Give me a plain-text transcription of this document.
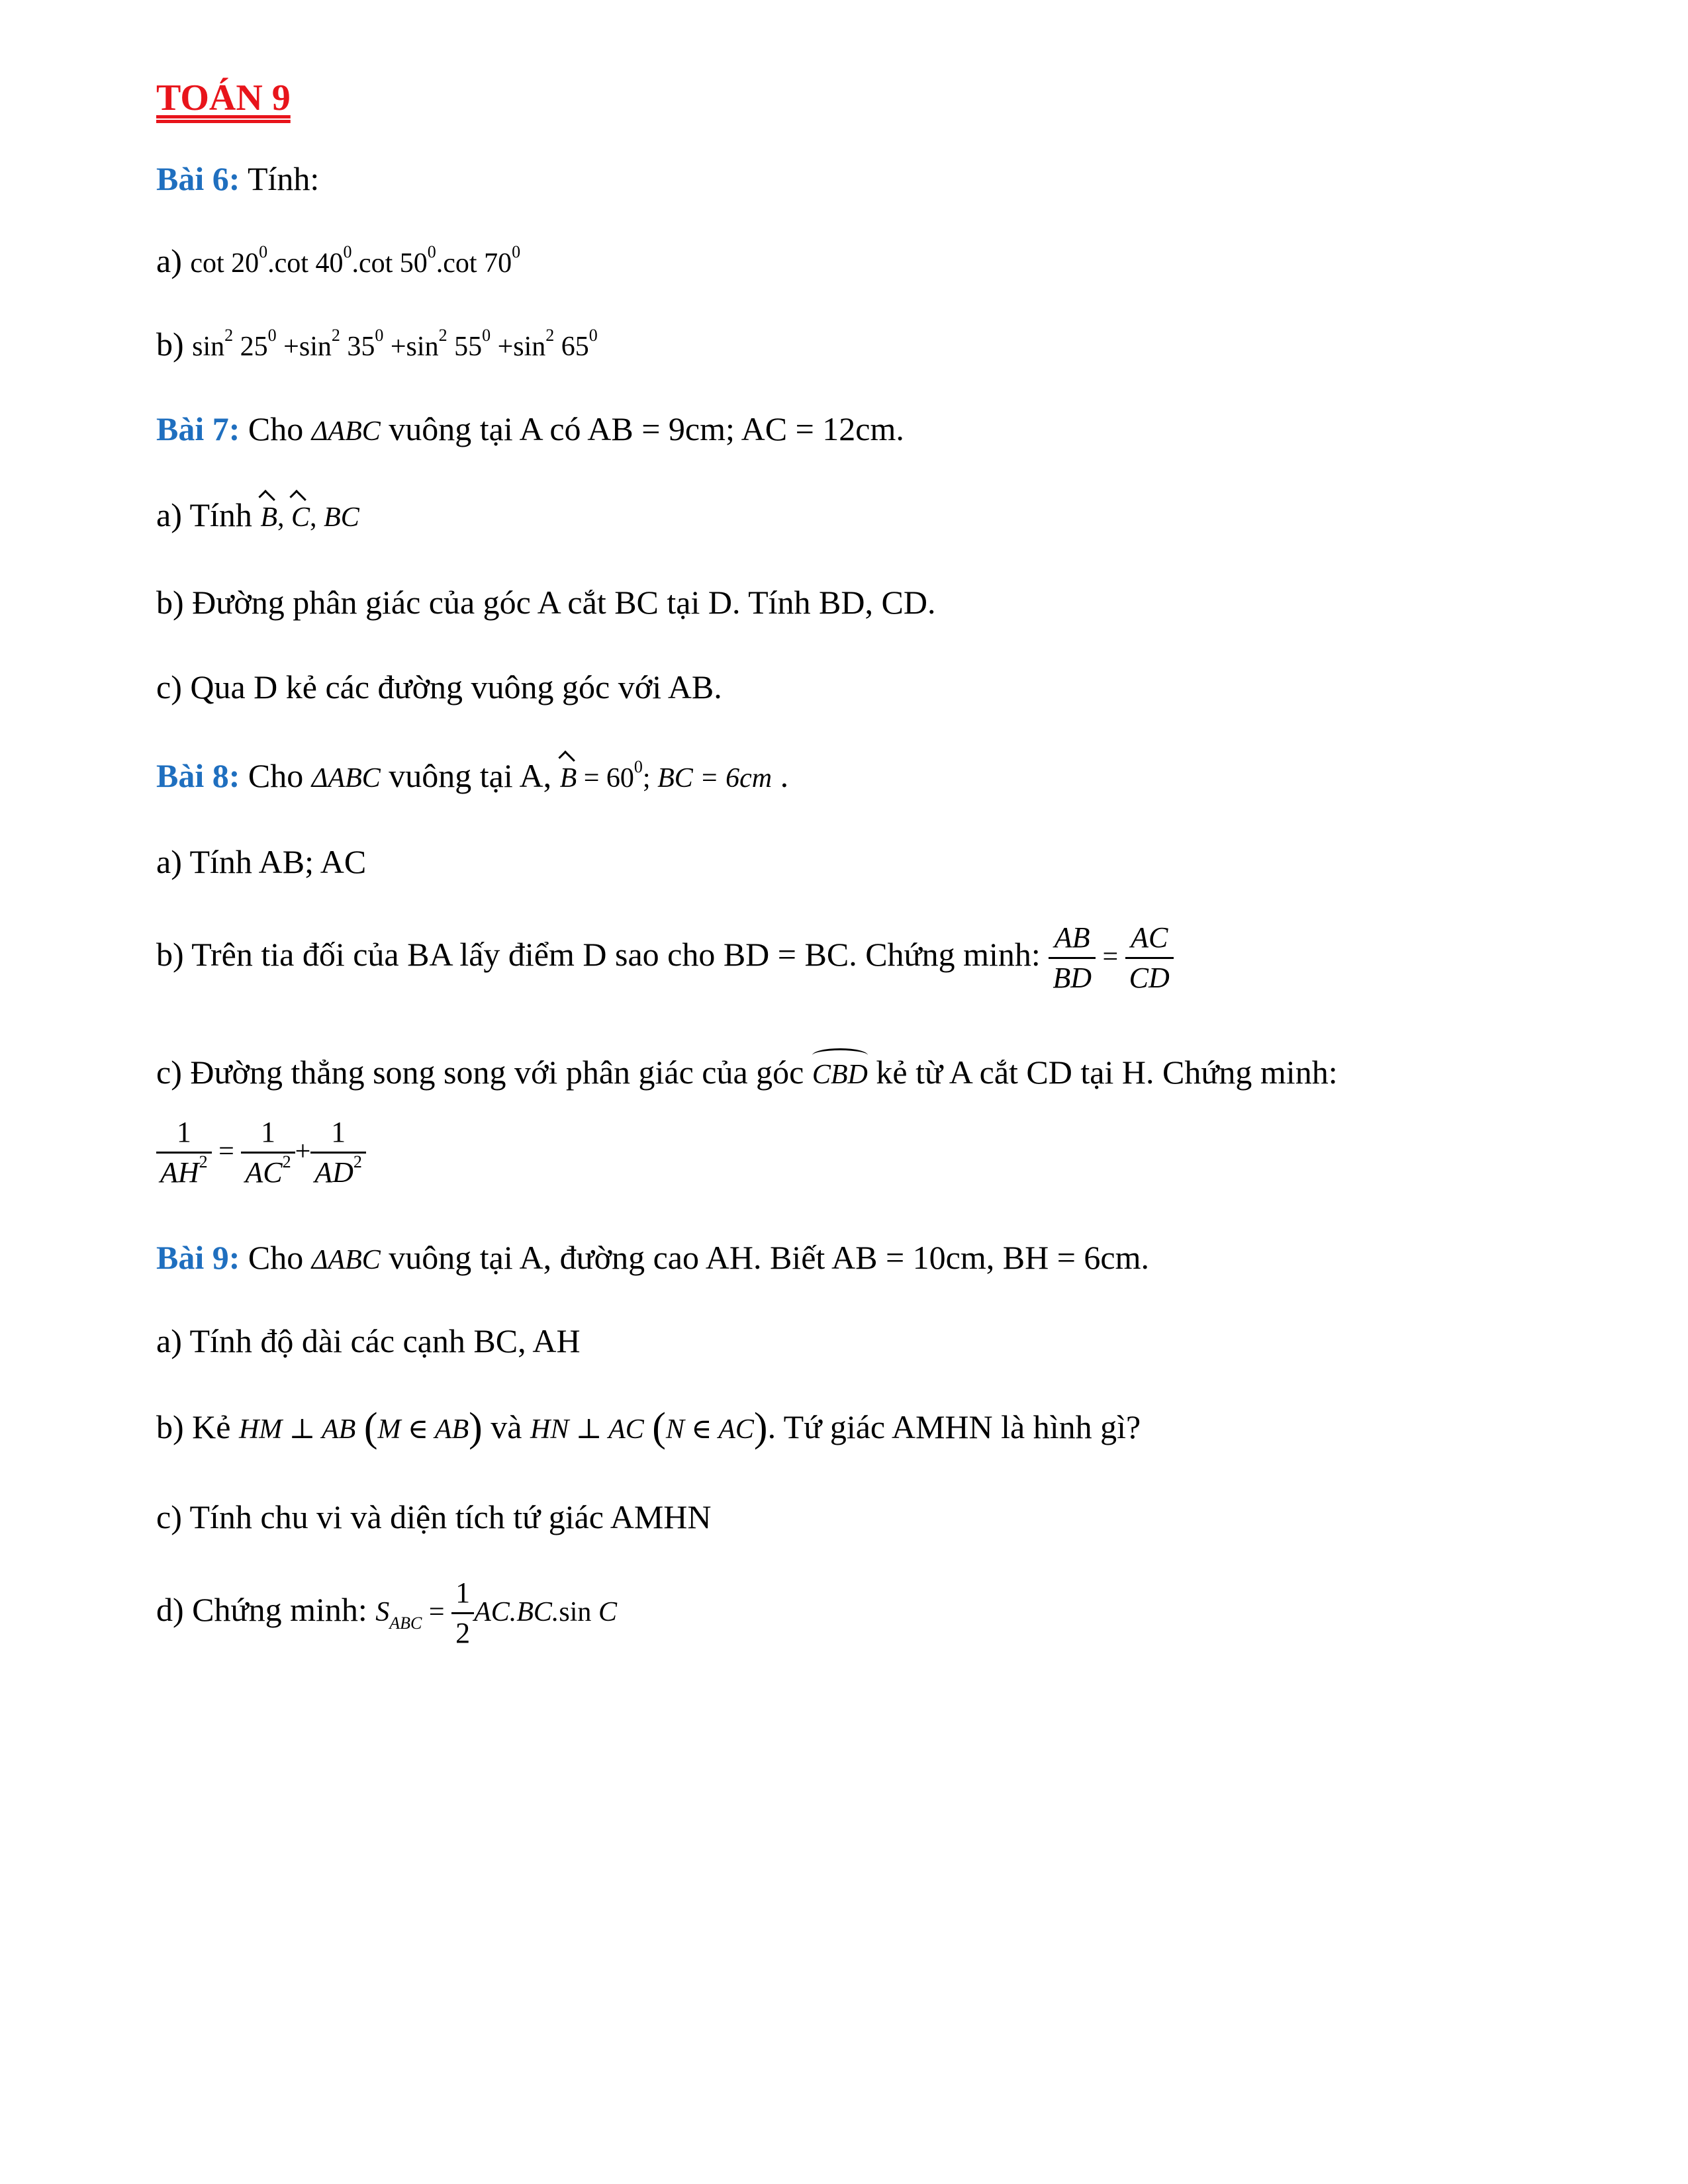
TOÁN 9
Bài 6: Tính:
a) $\cot 20^0.\cot$ $40^0.\cot$ $50^0.\cot$ $70^0$
b) $\sin^2 25^0 +\sin^2$ $35^0 +\sin^2$ $55^0 +\sin^2$ $65^0$
Bài 7: Cho ΔABC vuông tại A có AB = 9cm; AC = 12cm.
a) Tính B, C, BC
b) Đường phân giác của góc A cắt BC tại D. Tính BD, CD.
c) Qua D kẻ các đường vuông góc với AB.
Bài 8: Cho ΔABC vuông tại A, $B = 60^0$; BC = 6cm .
a) Tính AB; AC
b) Trên tia đối của BA lấy điểm D sao cho BD = BC. Chứng minh: $\frac{AB}{BD} = \frac{AC}{CD}$
c) Đường thẳng song song với phân giác của góc CBD kẻ từ A cắt CD tại H. Chứng minh:
$\frac{1}{AH^2} = \frac{1}{AC^2} + \frac{1}{AD^2}$
Bài 9: Cho ΔABC vuông tại A, đường cao AH. Biết AB = 10cm, BH = 6cm.
a) Tính độ dài các cạnh BC, AH
b) Kẻ HM ⊥ AB (M ∈ AB) và HN ⊥ AC (N ∈ AC). Tứ giác AMHN là hình gì?
c) Tính chu vi và diện tích tứ giác AMHN
d) Chứng minh: $S_{ABC} = \frac{1}{2} AC.BC.\sin$ C
